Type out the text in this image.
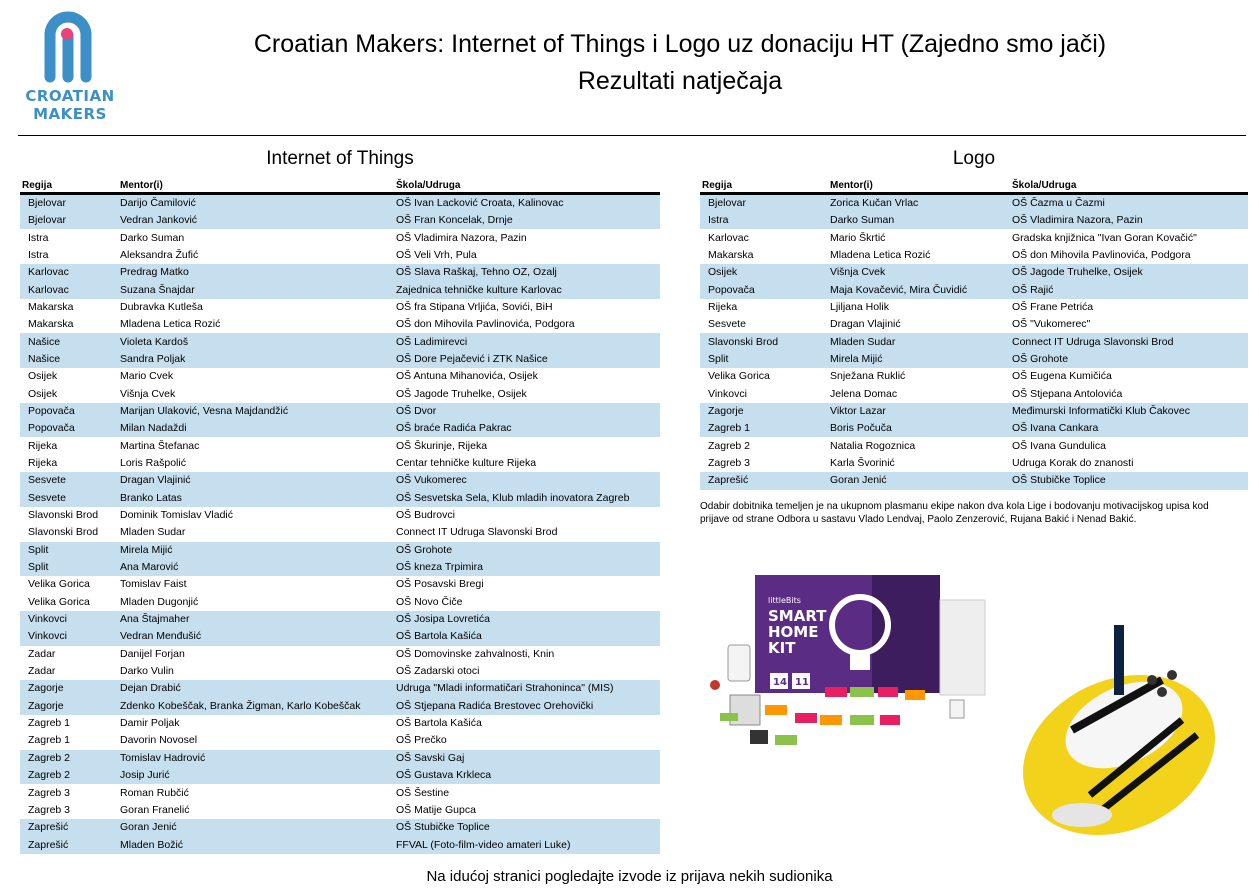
CROATIAN
MAKERS
Croatian Makers: Internet of Things i Logo uz donaciju HT (Zajedno smo jači)
Rezultati natječaja
Internet of Things	Logo
Regija	Mentor(i)	Škola/Udruga
Bjelovar	Darijo Čamilović	OŠ Ivan Lacković Croata, Kalinovac
Bjelovar	Vedran Janković	OŠ Fran Koncelak, Drnje
Istra	Darko Suman	OŠ Vladimira Nazora, Pazin
Istra	Aleksandra Žufić	OŠ Veli Vrh, Pula
Karlovac	Predrag Matko	OŠ Slava Raškaj, Tehno OZ, Ozalj
Karlovac	Suzana Šnajdar	Zajednica tehničke kulture Karlovac
Makarska	Dubravka Kutleša	OŠ fra Stipana Vrljića, Sovići, BiH
Makarska	Mladena Letica Rozić	OŠ don Mihovila Pavlinovića, Podgora
Našice	Violeta Kardoš	OŠ Ladimirevci
Našice	Sandra Poljak	OŠ Dore Pejačević i ZTK Našice
Osijek	Mario Cvek	OŠ Antuna Mihanovića, Osijek
Osijek	Višnja Cvek	OŠ Jagode Truhelke, Osijek
Popovača	Marijan Ulaković, Vesna Majdandžić	OŠ Dvor
Popovača	Milan Nadaždi	OŠ braće Radića Pakrac
Rijeka	Martina Štefanac	OŠ Škurinje, Rijeka
Rijeka	Loris Rašpolić	Centar tehničke kulture Rijeka
Sesvete	Dragan Vlajinić	OŠ Vukomerec
Sesvete	Branko Latas	OŠ Sesvetska Sela, Klub mladih inovatora Zagreb
Slavonski Brod	Dominik Tomislav Vladić	OŠ Budrovci
Slavonski Brod	Mladen Sudar	Connect IT Udruga Slavonski Brod
Split	Mirela Mijić	OŠ Grohote
Split	Ana Marović	OŠ kneza Trpimira
Velika Gorica	Tomislav Faist	OŠ Posavski Bregi
Velika Gorica	Mladen Dugonjić	OŠ Novo Čiče
Vinkovci	Ana Štajmaher	OŠ Josipa Lovretića
Vinkovci	Vedran Menđušić	OŠ Bartola Kašića
Zadar	Danijel Forjan	OŠ Domovinske zahvalnosti, Knin
Zadar	Darko Vulin	OŠ Zadarski otoci
Zagorje	Dejan Drabić	Udruga "Mladi informatičari Strahoninca" (MIS)
Zagorje	Zdenko Kobeščak, Branka Žigman, Karlo Kobeščak	OŠ Stjepana Radića Brestovec Orehovički
Zagreb 1	Damir Poljak	OŠ Bartola Kašića
Zagreb 1	Davorin Novosel	OŠ Prečko
Zagreb 2	Tomislav Hadrović	OŠ Savski Gaj
Zagreb 2	Josip Jurić	OŠ Gustava Krkleca
Zagreb 3	Roman Rubčić	OŠ Šestine
Zagreb 3	Goran Franelić	OŠ Matije Gupca
Zaprešić	Goran Jenić	OŠ Stubičke Toplice
Zaprešić	Mladen Božić	FFVAL (Foto-film-video amateri Luke)
Regija	Mentor(i)	Škola/Udruga
Bjelovar	Zorica Kučan Vrlac	OŠ Čazma u Čazmi
Istra	Darko Suman	OŠ Vladimira Nazora, Pazin
Karlovac	Mario Škrtić	Gradska knjižnica "Ivan Goran Kovačić"
Makarska	Mladena Letica Rozić	OŠ don Mihovila Pavlinovića, Podgora
Osijek	Višnja Cvek	OŠ Jagode Truhelke, Osijek
Popovača	Maja Kovačević, Mira Čuvidić	OŠ Rajić
Rijeka	Ljiljana Holik	OŠ Frane Petrića
Sesvete	Dragan Vlajinić	OŠ "Vukomerec"
Slavonski Brod	Mladen Sudar	Connect IT Udruga Slavonski Brod
Split	Mirela Mijić	OŠ Grohote
Velika Gorica	Snježana Ruklić	OŠ Eugena Kumičića
Vinkovci	Jelena Domac	OŠ Stjepana Antolovića
Zagorje	Viktor Lazar	Međimurski Informatički Klub Čakovec
Zagreb 1	Boris Počuča	OŠ Ivana Cankara
Zagreb 2	Natalia Rogoznica	OŠ Ivana Gundulica
Zagreb 3	Karla Švorinić	Udruga Korak do znanosti
Zaprešić	Goran Jenić	OŠ Stubičke Toplice
Odabir dobitnika temeljen je na ukupnom plasmanu ekipe nakon dva kola Lige i bodovanju motivacijskog upisa kod prijave od strane Odbora u sastavu Vlado Lendvaj, Paolo Zenzerović, Rujana Bakić i Nenad Bakić.
littleBits
SMART
HOME
KIT
14 11
Na idućoj stranici pogledajte izvode iz prijava nekih sudionika
